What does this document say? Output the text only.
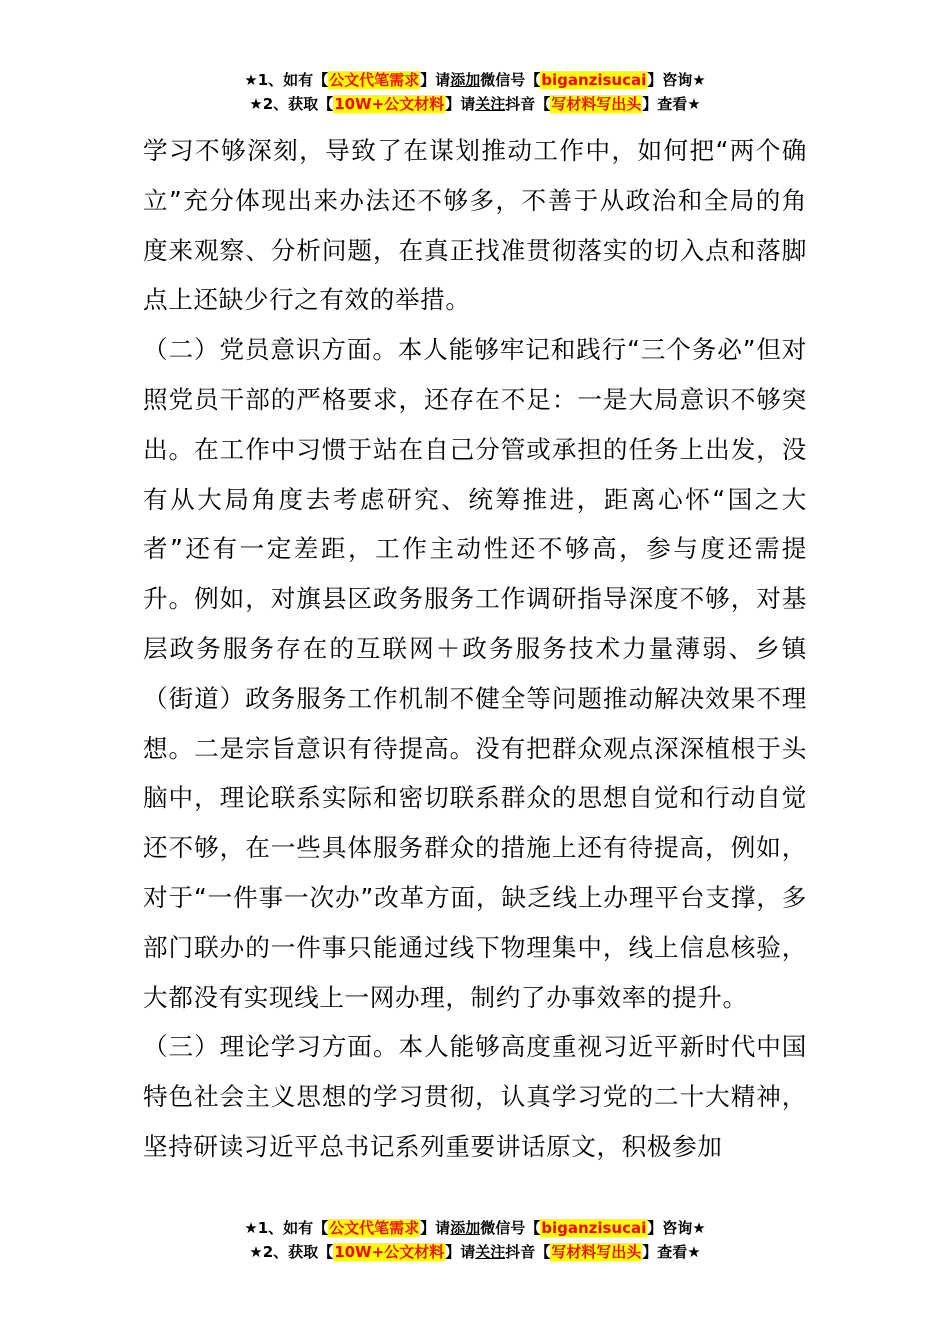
★1、如有【公文代笔需求】请添加微信号【biganzisucai】咨询★
★2、获取【10W+公文材料】请关注抖音【写材料写出头】查看★

学习不够深刻，导致了在谋划推动工作中，如何把“两个确立”充分体现出来办法还不够多，不善于从政治和全局的角度来观察、分析问题，在真正找准贯彻落实的切入点和落脚点上还缺少行之有效的举措。

（二）党员意识方面。本人能够牢记和践行“三个务必”但对照党员干部的严格要求，还存在不足：一是大局意识不够突出。在工作中习惯于站在自己分管或承担的任务上出发，没有从大局角度去考虑研究、统筹推进，距离心怀“国之大者”还有一定差距，工作主动性还不够高，参与度还需提升。例如，对旗县区政务服务工作调研指导深度不够，对基层政务服务存在的互联网＋政务服务技术力量薄弱、乡镇（街道）政务服务工作机制不健全等问题推动解决效果不理想。二是宗旨意识有待提高。没有把群众观点深深植根于头脑中，理论联系实际和密切联系群众的思想自觉和行动自觉还不够，在一些具体服务群众的措施上还有待提高，例如，对于“一件事一次办”改革方面，缺乏线上办理平台支撑，多部门联办的一件事只能通过线下物理集中，线上信息核验，大都没有实现线上一网办理，制约了办事效率的提升。

（三）理论学习方面。本人能够高度重视习近平新时代中国特色社会主义思想的学习贯彻，认真学习党的二十大精神，坚持研读习近平总书记系列重要讲话原文，积极参加

★1、如有【公文代笔需求】请添加微信号【biganzisucai】咨询★
★2、获取【10W+公文材料】请关注抖音【写材料写出头】查看★
